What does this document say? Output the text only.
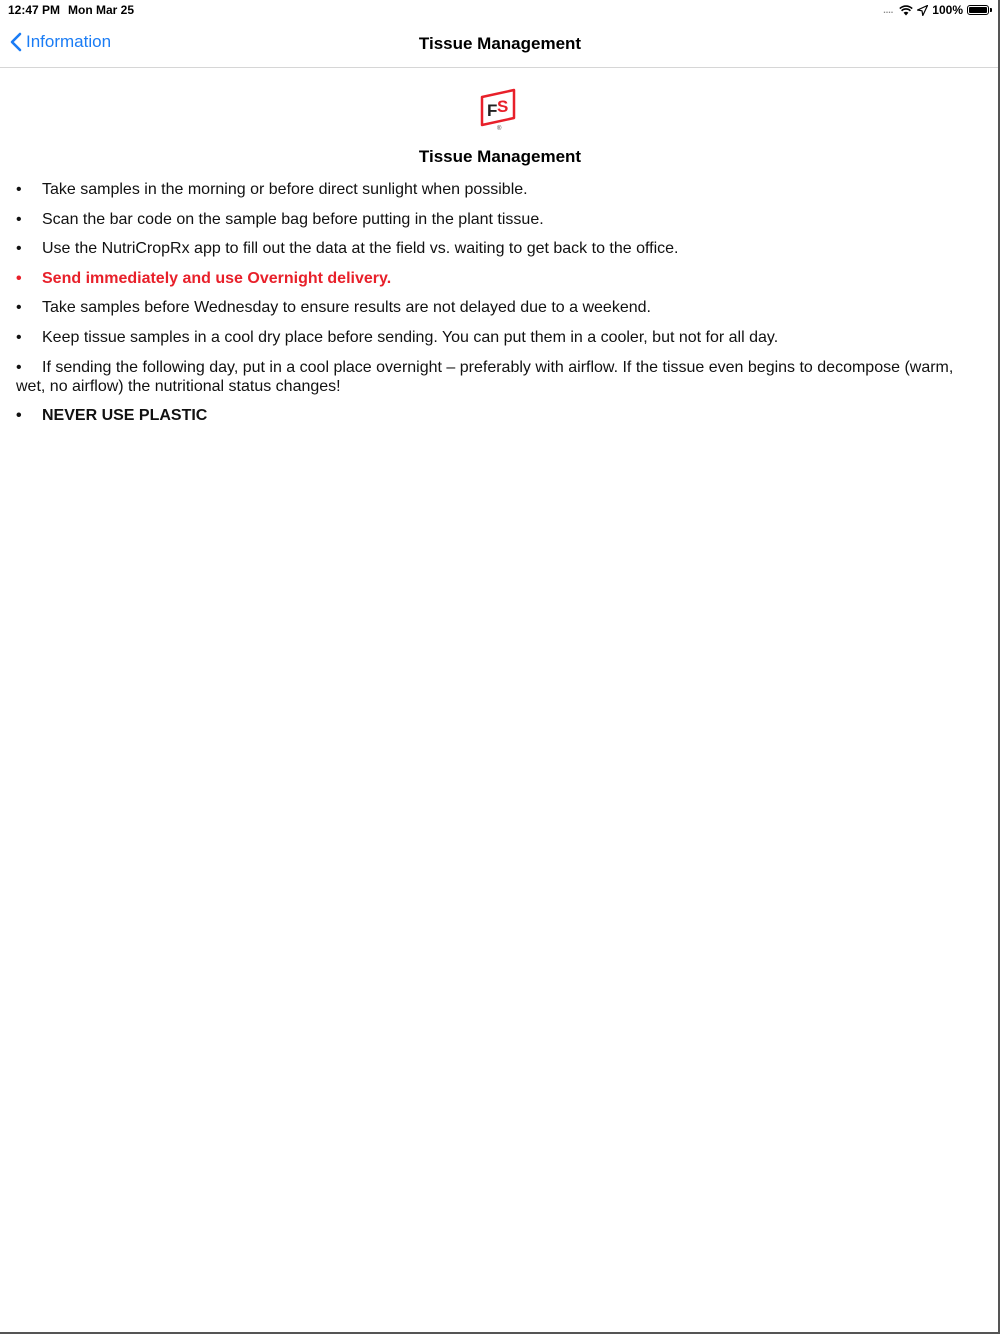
12:47 PM Mon Mar 25	....	100%
Information	Tissue Management
F S
®
Tissue Management
• Take samples in the morning or before direct sunlight when possible.
• Scan the bar code on the sample bag before putting in the plant tissue.
• Use the NutriCropRx app to fill out the data at the field vs. waiting to get back to the office.
• Send immediately and use Overnight delivery.
• Take samples before Wednesday to ensure results are not delayed due to a weekend.
• Keep tissue samples in a cool dry place before sending. You can put them in a cooler, but not for all day.
• If sending the following day, put in a cool place overnight – preferably with airflow. If the tissue even begins to decompose (warm, wet, no airflow) the nutritional status changes!
• NEVER USE PLASTIC
